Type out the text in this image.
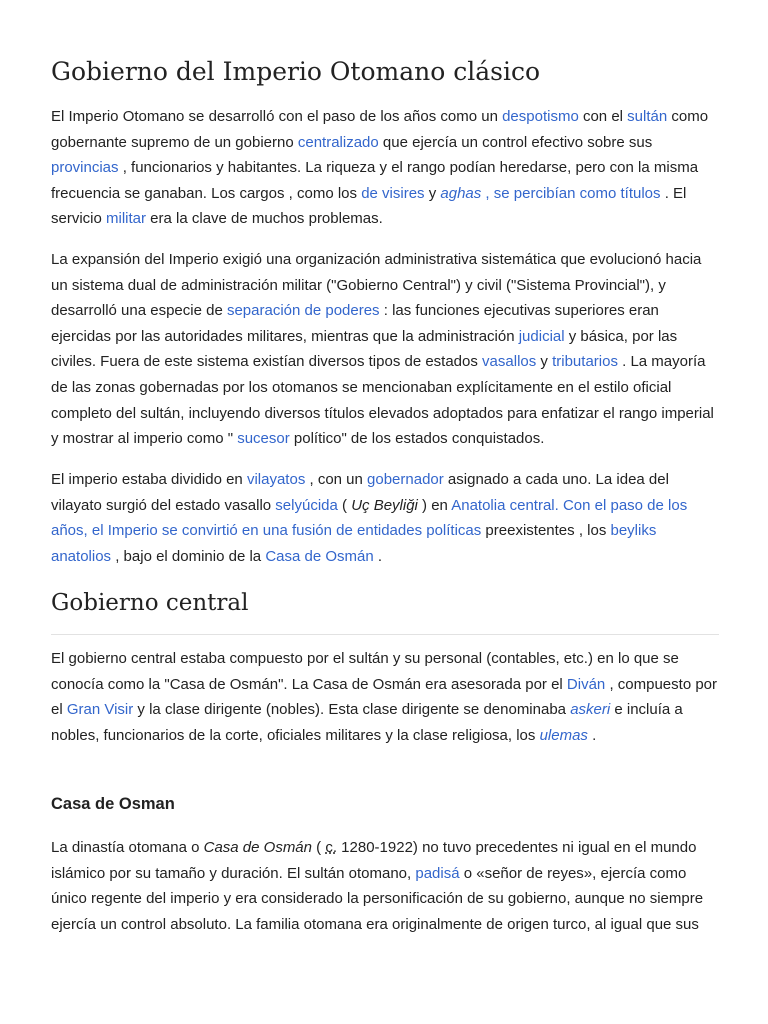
Gobierno del Imperio Otomano clásico

El Imperio Otomano se desarrolló con el paso de los años como un despotismo con el sultán como gobernante supremo de un gobierno centralizado que ejercía un control efectivo sobre sus provincias , funcionarios y habitantes. La riqueza y el rango podían heredarse, pero con la misma frecuencia se ganaban. Los cargos , como los de visires y aghas , se percibían como títulos . El servicio militar era la clave de muchos problemas.

La expansión del Imperio exigió una organización administrativa sistemática que evolucionó hacia un sistema dual de administración militar ("Gobierno Central") y civil ("Sistema Provincial"), y desarrolló una especie de separación de poderes : las funciones ejecutivas superiores eran ejercidas por las autoridades militares, mientras que la administración judicial y básica, por las civiles. Fuera de este sistema existían diversos tipos de estados vasallos y tributarios . La mayoría de las zonas gobernadas por los otomanos se mencionaban explícitamente en el estilo oficial completo del sultán, incluyendo diversos títulos elevados adoptados para enfatizar el rango imperial y mostrar al imperio como " sucesor político" de los estados conquistados.

El imperio estaba dividido en vilayatos , con un gobernador asignado a cada uno. La idea del vilayato surgió del estado vasallo selyúcida ( Uç Beyliği ) en Anatolia central. Con el paso de los años, el Imperio se convirtió en una fusión de entidades políticas preexistentes , los beyliks anatolios , bajo el dominio de la Casa de Osmán .

Gobierno central

El gobierno central estaba compuesto por el sultán y su personal (contables, etc.) en lo que se conocía como la "Casa de Osmán". La Casa de Osmán era asesorada por el Diván , compuesto por el Gran Visir y la clase dirigente (nobles). Esta clase dirigente se denominaba askeri e incluía a nobles, funcionarios de la corte, oficiales militares y la clase religiosa, los ulemas .

Casa de Osman

La dinastía otomana o Casa de Osmán ( c. 1280-1922) no tuvo precedentes ni igual en el mundo islámico por su tamaño y duración. El sultán otomano, padisá o «señor de reyes», ejercía como único regente del imperio y era considerado la personificación de su gobierno, aunque no siempre ejercía un control absoluto. La familia otomana era originalmente de origen turco, al igual que sus
